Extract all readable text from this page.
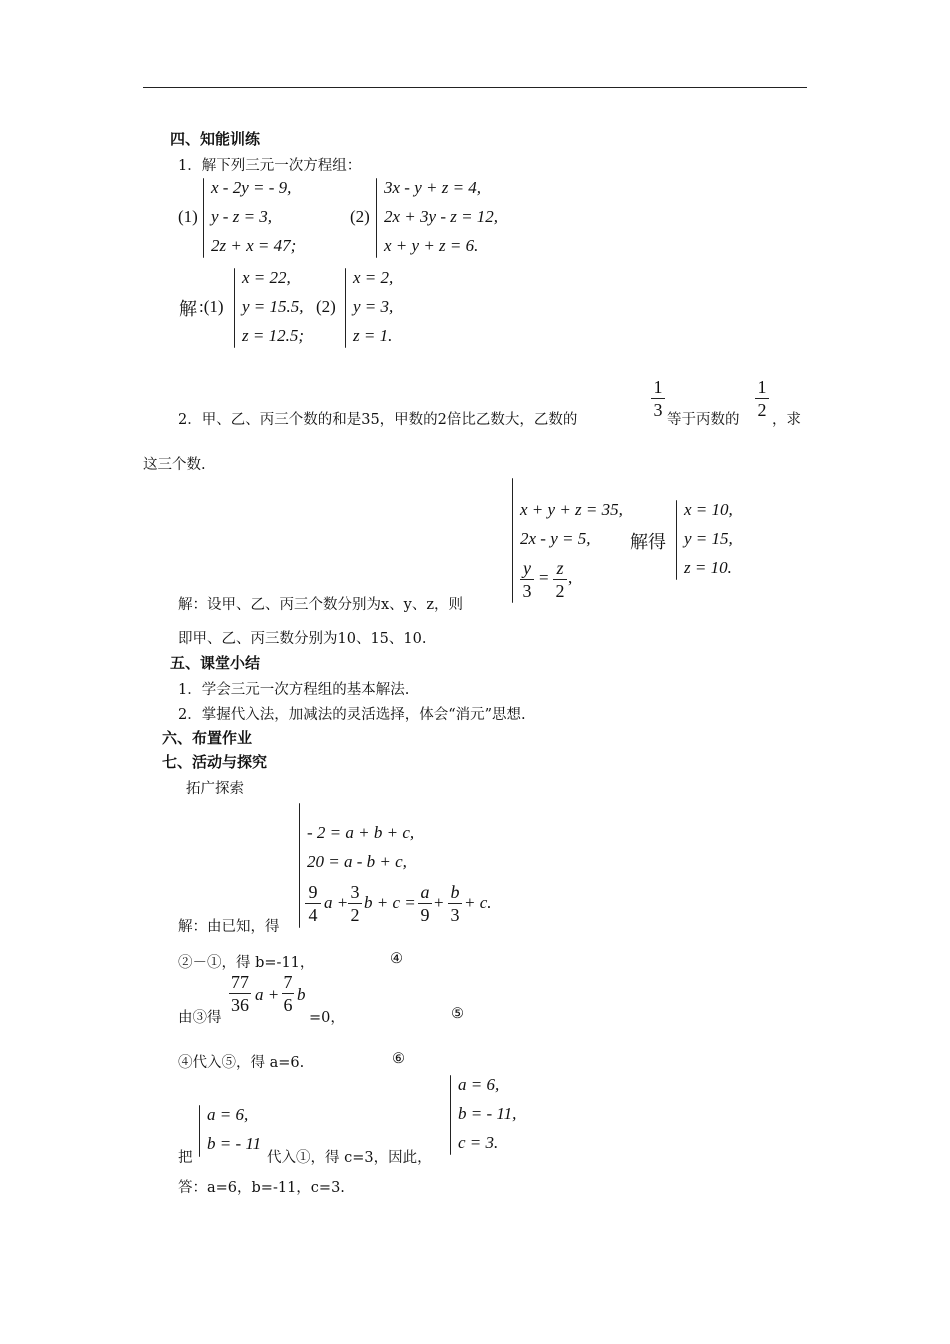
四、知能训练
1．解下列三元一次方程组：
(1)
x - 2y = - 9,
y - z = 3,
2z + x = 47;
(2)
3x - y + z = 4,
2x + 3y - z = 12,
x + y + z = 6.
解 :(1)
x = 22,
y = 15.5,
z = 12.5;
(2)
x = 2,
y = 3,
z = 1.
2．甲、乙、丙三个数的和是35，甲数的2倍比乙数大，乙数的
1
3 等于丙数的
1
2 ，求
这三个数.
x + y + z = 35,
2x - y = 5,
y
3
= z
2
,
解得
x = 10,
y = 15,
z = 10.
解：设甲、乙、丙三个数分别为x、y、z，则
即甲、乙、丙三数分别为10、15、10.
五、课堂小结
1．学会三元一次方程组的基本解法.
2．掌握代入法，加减法的灵活选择，体会“消元”思想.
六、布置作业
七、活动与探究
拓广探索
- 2 = a + b + c,
20 = a - b + c,
9
4
a +
3
2
b + c =
a
9
+
b
3
+ c.
解：由已知，得
②－①，得 b=-11，	④
77
36
a +
7
6
b
由③得	=0，	⑤
④代入⑤，得 a=6.	⑥
a = 6,
b = - 11,
c = 3.
a = 6,
b = - 11
把	代入①，得 c=3，因此，
答：a=6，b=-11，c=3.
